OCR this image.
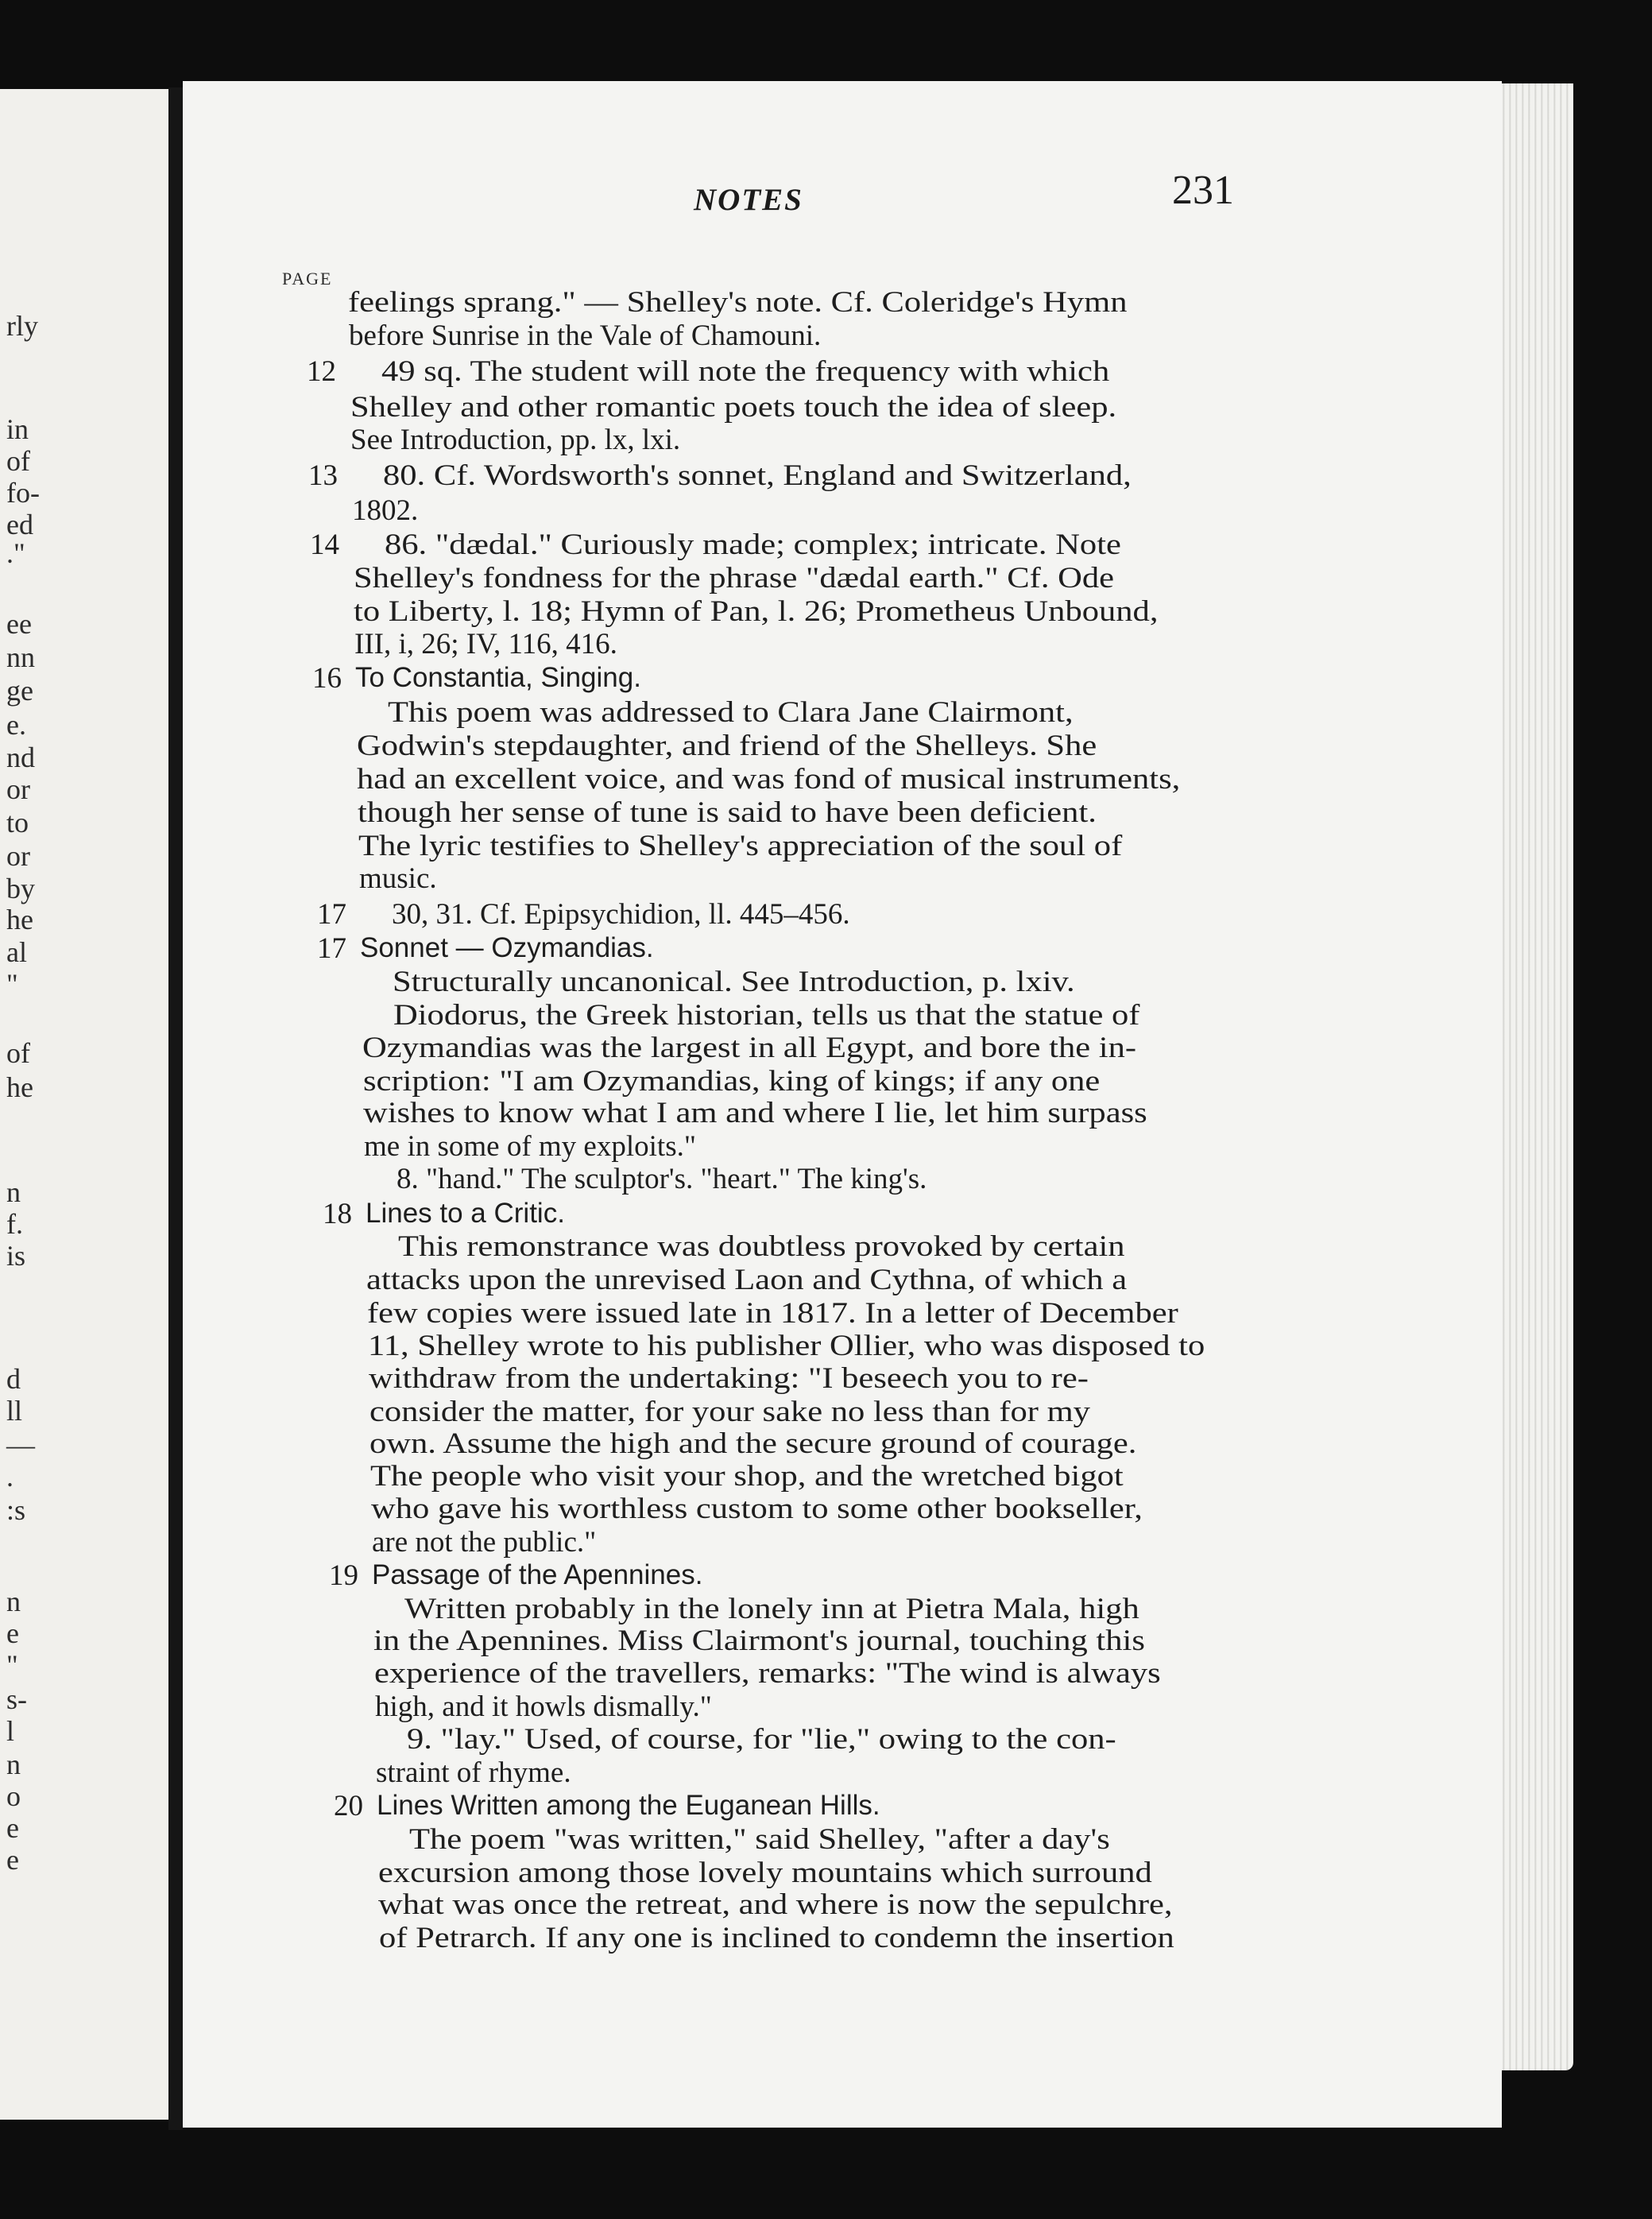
rly
in
of
fo-
ed
."
ee
nn
ge
e.
nd
or
to
or
by
he
al
"
of
he
n
f.
is
d
ll
—
.
:s
n
e
"
s-
l
n
o
e
e
NOTES	231
PAGE
feelings sprang." — Shelley's note. Cf. Coleridge's Hymn
before Sunrise in the Vale of Chamouni.
12 49 sq. The student will note the frequency with which
Shelley and other romantic poets touch the idea of sleep.
See Introduction, pp. lx, lxi.
13 80. Cf. Wordsworth's sonnet, England and Switzerland,
1802.
14 86. "dædal." Curiously made; complex; intricate. Note
Shelley's fondness for the phrase "dædal earth." Cf. Ode
to Liberty, l. 18; Hymn of Pan, l. 26; Prometheus Unbound,
III, i, 26; IV, 116, 416.
16 To Constantia, Singing.
This poem was addressed to Clara Jane Clairmont,
Godwin's stepdaughter, and friend of the Shelleys. She
had an excellent voice, and was fond of musical instruments,
though her sense of tune is said to have been deficient.
The lyric testifies to Shelley's appreciation of the soul of
music.
17 30, 31. Cf. Epipsychidion, ll. 445–456.
17 Sonnet — Ozymandias.
Structurally uncanonical. See Introduction, p. lxiv.
Diodorus, the Greek historian, tells us that the statue of
Ozymandias was the largest in all Egypt, and bore the in-
scription: "I am Ozymandias, king of kings; if any one
wishes to know what I am and where I lie, let him surpass
me in some of my exploits."
8. "hand." The sculptor's. "heart." The king's.
18 Lines to a Critic.
This remonstrance was doubtless provoked by certain
attacks upon the unrevised Laon and Cythna, of which a
few copies were issued late in 1817. In a letter of December
11, Shelley wrote to his publisher Ollier, who was disposed to
withdraw from the undertaking: "I beseech you to re-
consider the matter, for your sake no less than for my
own. Assume the high and the secure ground of courage.
The people who visit your shop, and the wretched bigot
who gave his worthless custom to some other bookseller,
are not the public."
19 Passage of the Apennines.
Written probably in the lonely inn at Pietra Mala, high
in the Apennines. Miss Clairmont's journal, touching this
experience of the travellers, remarks: "The wind is always
high, and it howls dismally."
9. "lay." Used, of course, for "lie," owing to the con-
straint of rhyme.
20 Lines Written among the Euganean Hills.
The poem "was written," said Shelley, "after a day's
excursion among those lovely mountains which surround
what was once the retreat, and where is now the sepulchre,
of Petrarch. If any one is inclined to condemn the insertion
